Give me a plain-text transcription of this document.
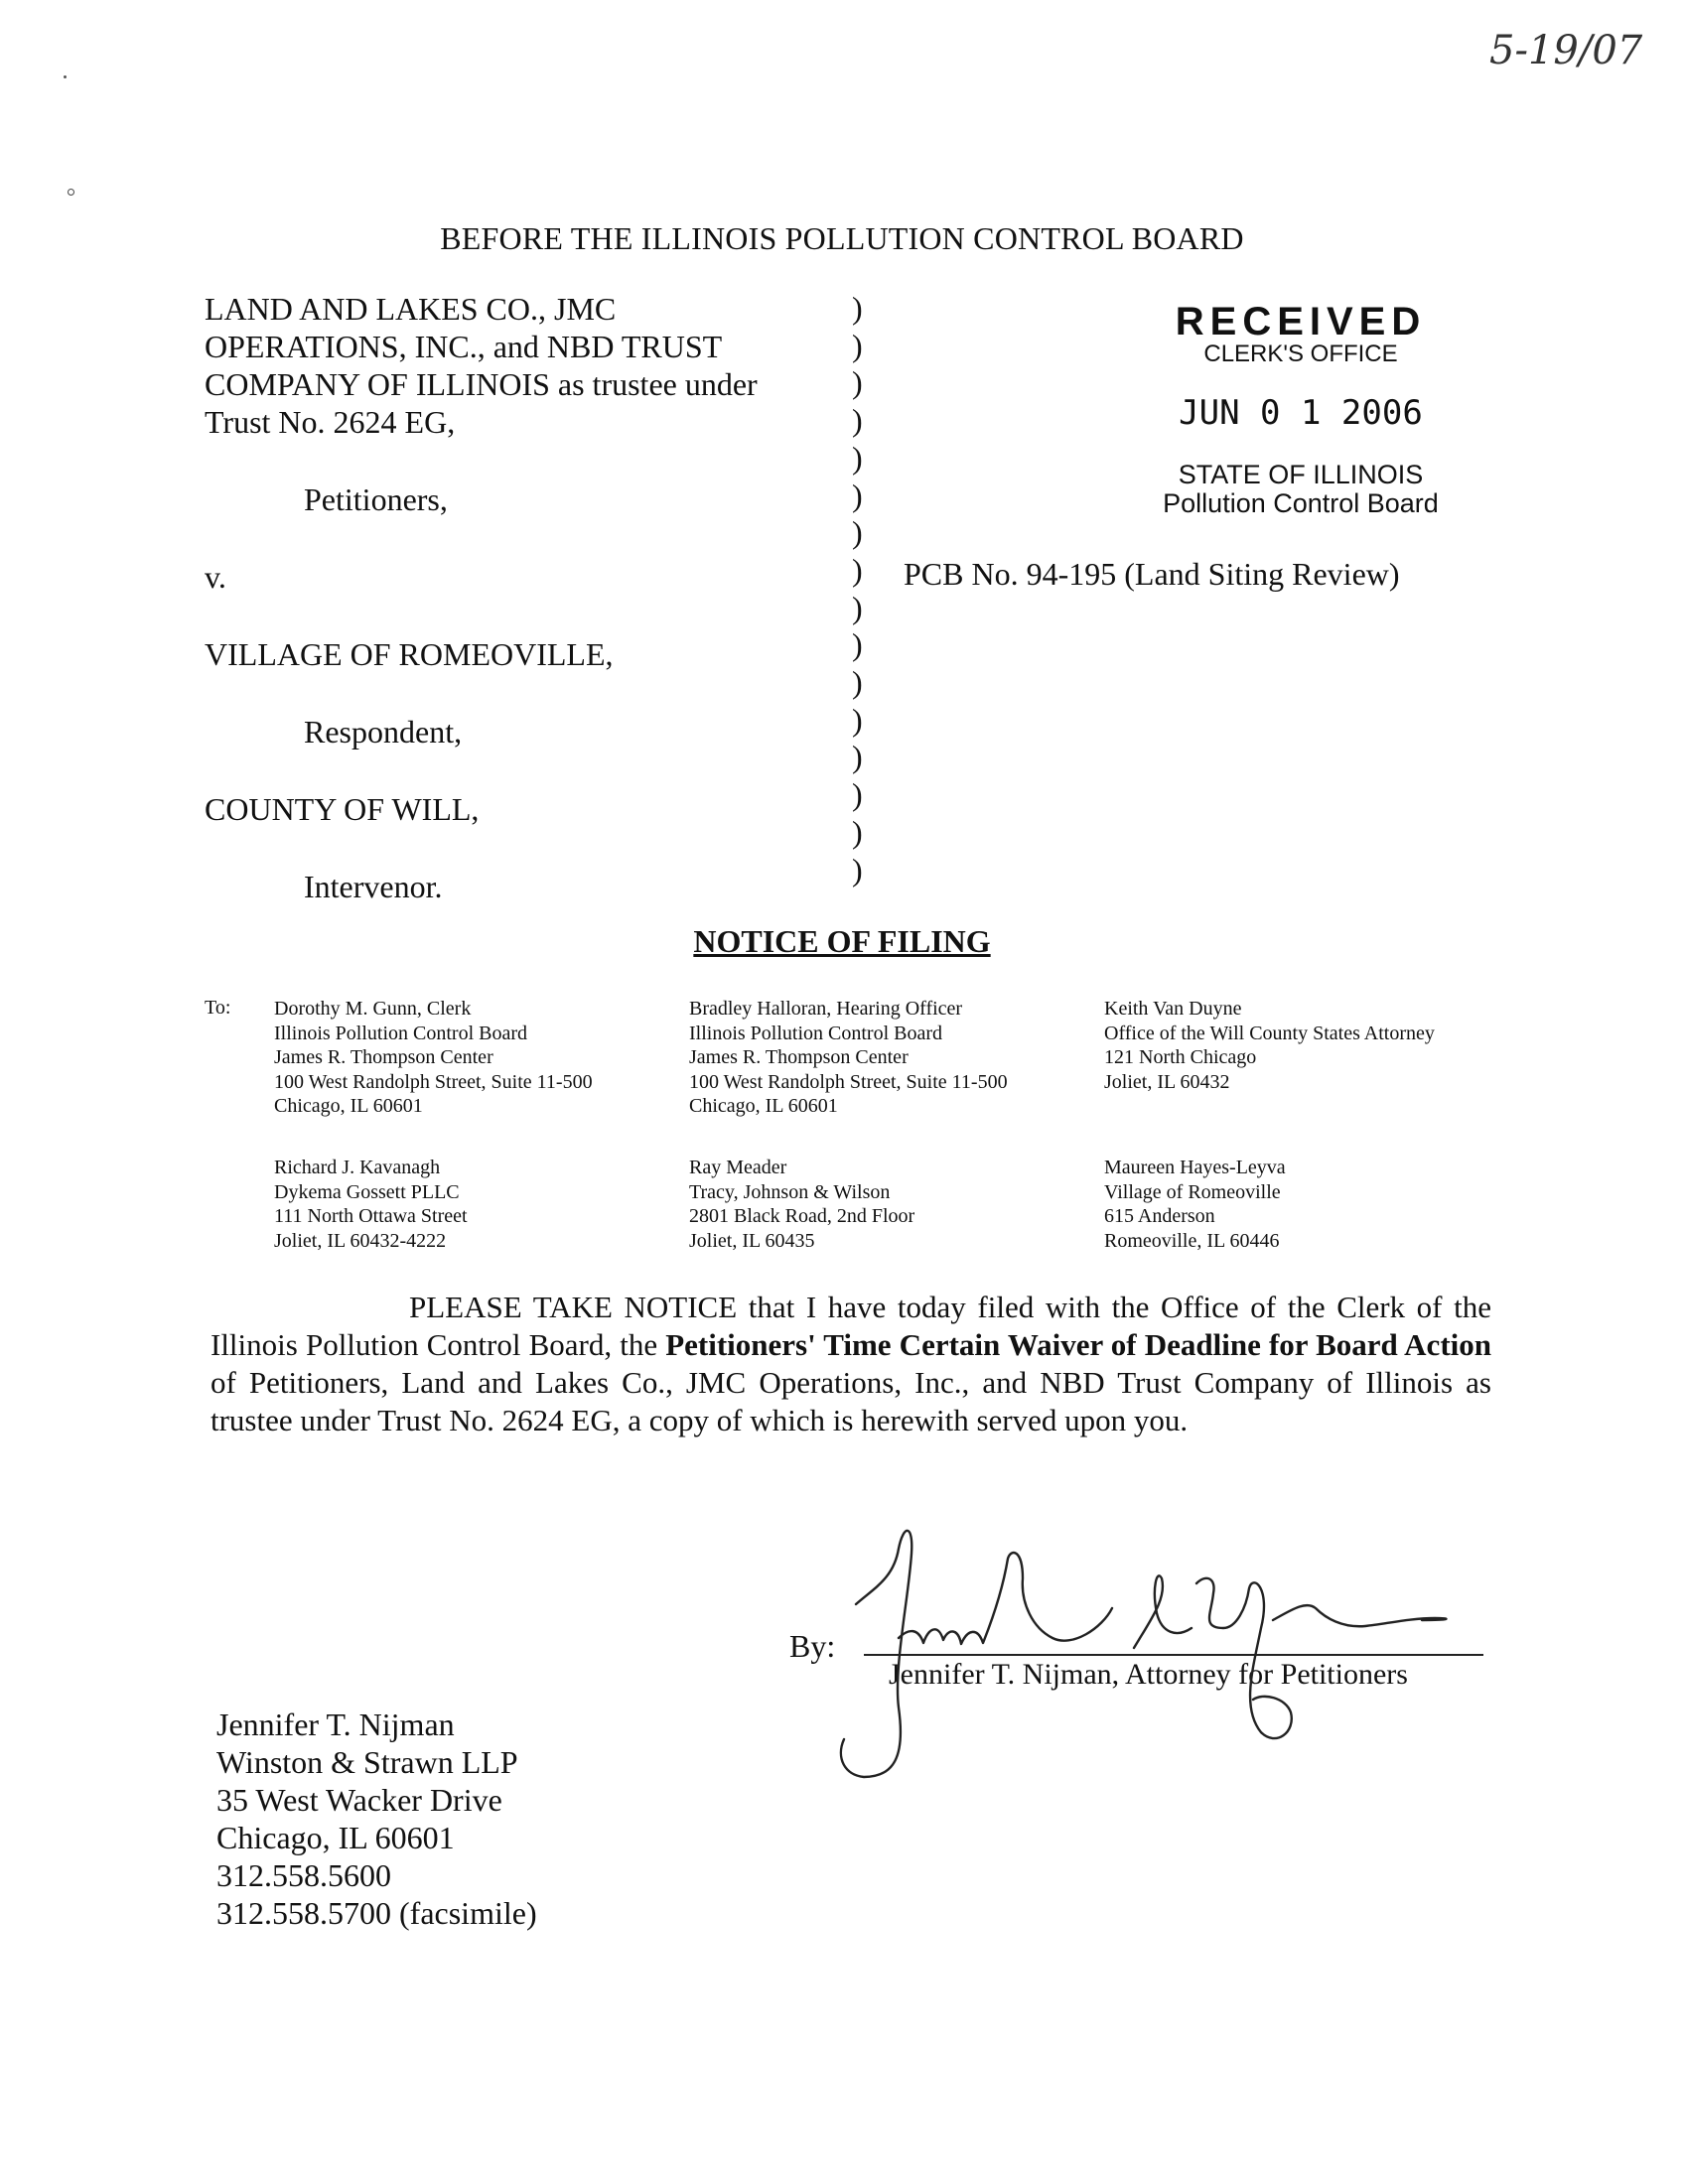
5-19/07
BEFORE THE ILLINOIS POLLUTION CONTROL BOARD
LAND AND LAKES CO., JMC
OPERATIONS, INC., and NBD TRUST
COMPANY OF ILLINOIS as trustee under
Trust No. 2624 EG,
Petitioners,
v.
VILLAGE OF ROMEOVILLE,
Respondent,
COUNTY OF WILL,
Intervenor.
)
)
)
)
)
)
)
)
)
)
)
)
)
)
)
)
RECEIVED
CLERK'S OFFICE
JUN 0 1 2006
STATE OF ILLINOIS
Pollution Control Board
PCB No. 94-195 (Land Siting Review)
NOTICE OF FILING
To: Dorothy M. Gunn, Clerk
Illinois Pollution Control Board
James R. Thompson Center
100 West Randolph Street, Suite 11-500
Chicago, IL 60601
Bradley Halloran, Hearing Officer
Illinois Pollution Control Board
James R. Thompson Center
100 West Randolph Street, Suite 11-500
Chicago, IL 60601
Keith Van Duyne
Office of the Will County States Attorney
121 North Chicago
Joliet, IL 60432
Richard J. Kavanagh
Dykema Gossett PLLC
111 North Ottawa Street
Joliet, IL 60432-4222
Ray Meader
Tracy, Johnson & Wilson
2801 Black Road, 2nd Floor
Joliet, IL 60435
Maureen Hayes-Leyva
Village of Romeoville
615 Anderson
Romeoville, IL 60446
PLEASE TAKE NOTICE that I have today filed with the Office of the Clerk of the Illinois Pollution Control Board, the Petitioners' Time Certain Waiver of Deadline for Board Action of Petitioners, Land and Lakes Co., JMC Operations, Inc., and NBD Trust Company of Illinois as trustee under Trust No. 2624 EG, a copy of which is herewith served upon you.
By:
Jennifer T. Nijman, Attorney for Petitioners
Jennifer T. Nijman
Winston & Strawn LLP
35 West Wacker Drive
Chicago, IL 60601
312.558.5600
312.558.5700 (facsimile)
